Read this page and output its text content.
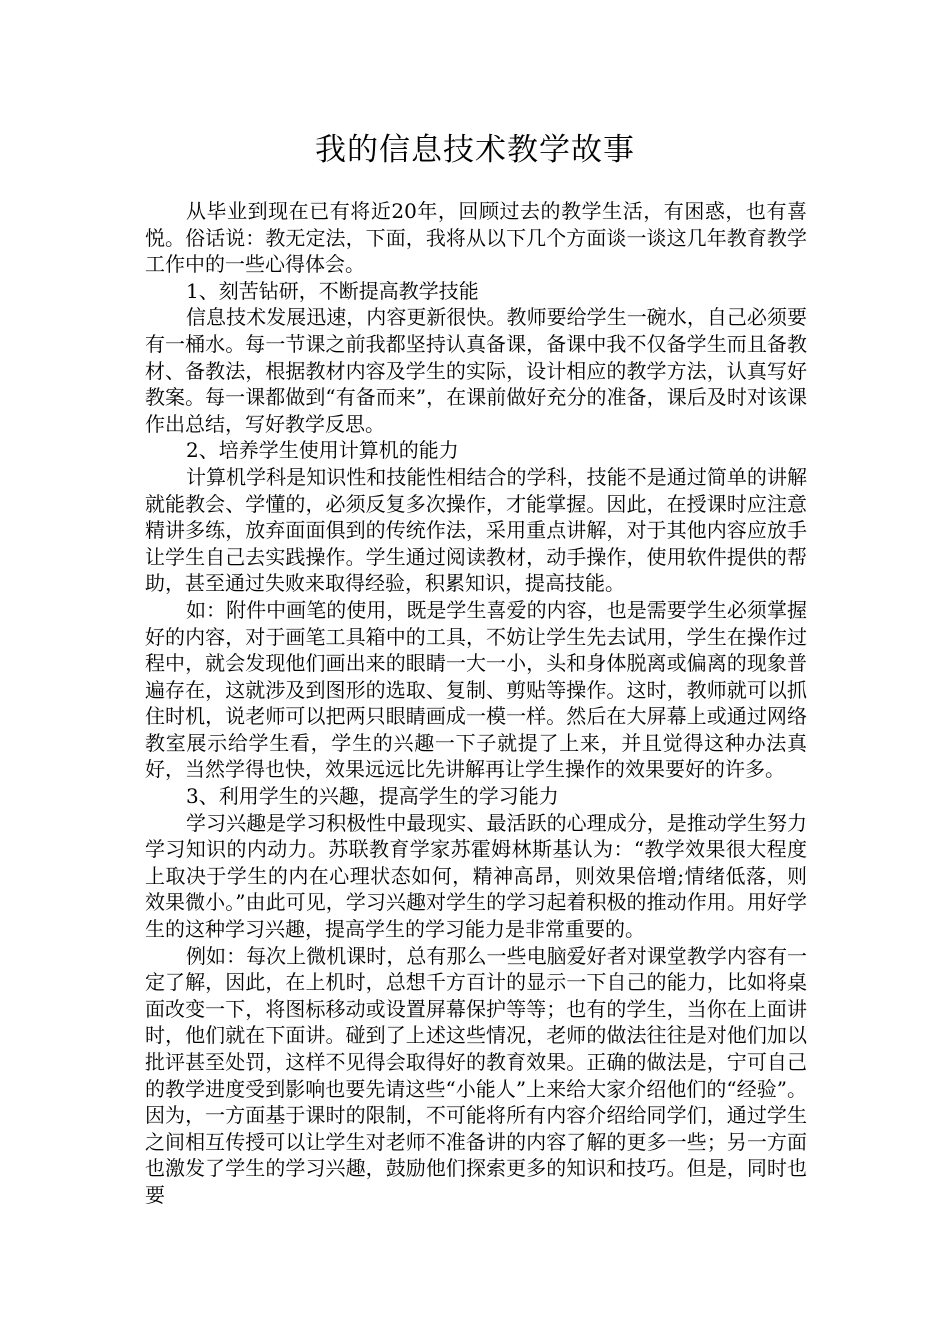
我的信息技术教学故事

从毕业到现在已有将近20年，回顾过去的教学生活，有困惑，也有喜悦。俗话说：教无定法，下面，我将从以下几个方面谈一谈这几年教育教学工作中的一些心得体会。

1、刻苦钻研，不断提高教学技能

信息技术发展迅速，内容更新很快。教师要给学生一碗水，自己必须要有一桶水。每一节课之前我都坚持认真备课，备课中我不仅备学生而且备教材、备教法，根据教材内容及学生的实际，设计相应的教学方法，认真写好教案。每一课都做到“有备而来”，在课前做好充分的准备，课后及时对该课作出总结，写好教学反思。

2、培养学生使用计算机的能力

计算机学科是知识性和技能性相结合的学科，技能不是通过简单的讲解就能教会、学懂的，必须反复多次操作，才能掌握。因此，在授课时应注意精讲多练，放弃面面俱到的传统作法，采用重点讲解，对于其他内容应放手让学生自己去实践操作。学生通过阅读教材，动手操作，使用软件提供的帮助，甚至通过失败来取得经验，积累知识，提高技能。

如：附件中画笔的使用，既是学生喜爱的内容，也是需要学生必须掌握好的内容，对于画笔工具箱中的工具，不妨让学生先去试用，学生在操作过程中，就会发现他们画出来的眼睛一大一小，头和身体脱离或偏离的现象普遍存在，这就涉及到图形的选取、复制、剪贴等操作。这时，教师就可以抓住时机，说老师可以把两只眼睛画成一模一样。然后在大屏幕上或通过网络教室展示给学生看，学生的兴趣一下子就提了上来，并且觉得这种办法真好，当然学得也快，效果远远比先讲解再让学生操作的效果要好的许多。

3、利用学生的兴趣，提高学生的学习能力

学习兴趣是学习积极性中最现实、最活跃的心理成分，是推动学生努力学习知识的内动力。苏联教育学家苏霍姆林斯基认为：“教学效果很大程度上取决于学生的内在心理状态如何，精神高昂，则效果倍增;情绪低落，则效果微小。”由此可见，学习兴趣对学生的学习起着积极的推动作用。用好学生的这种学习兴趣，提高学生的学习能力是非常重要的。

例如：每次上微机课时，总有那么一些电脑爱好者对课堂教学内容有一定了解，因此，在上机时，总想千方百计的显示一下自己的能力，比如将桌面改变一下，将图标移动或设置屏幕保护等等；也有的学生，当你在上面讲时，他们就在下面讲。碰到了上述这些情况，老师的做法往往是对他们加以批评甚至处罚，这样不见得会取得好的教育效果。正确的做法是，宁可自己的教学进度受到影响也要先请这些“小能人”上来给大家介绍他们的“经验”。因为，一方面基于课时的限制，不可能将所有内容介绍给同学们，通过学生之间相互传授可以让学生对老师不准备讲的内容了解的更多一些；另一方面也激发了学生的学习兴趣，鼓励他们探索更多的知识和技巧。但是，同时也要
